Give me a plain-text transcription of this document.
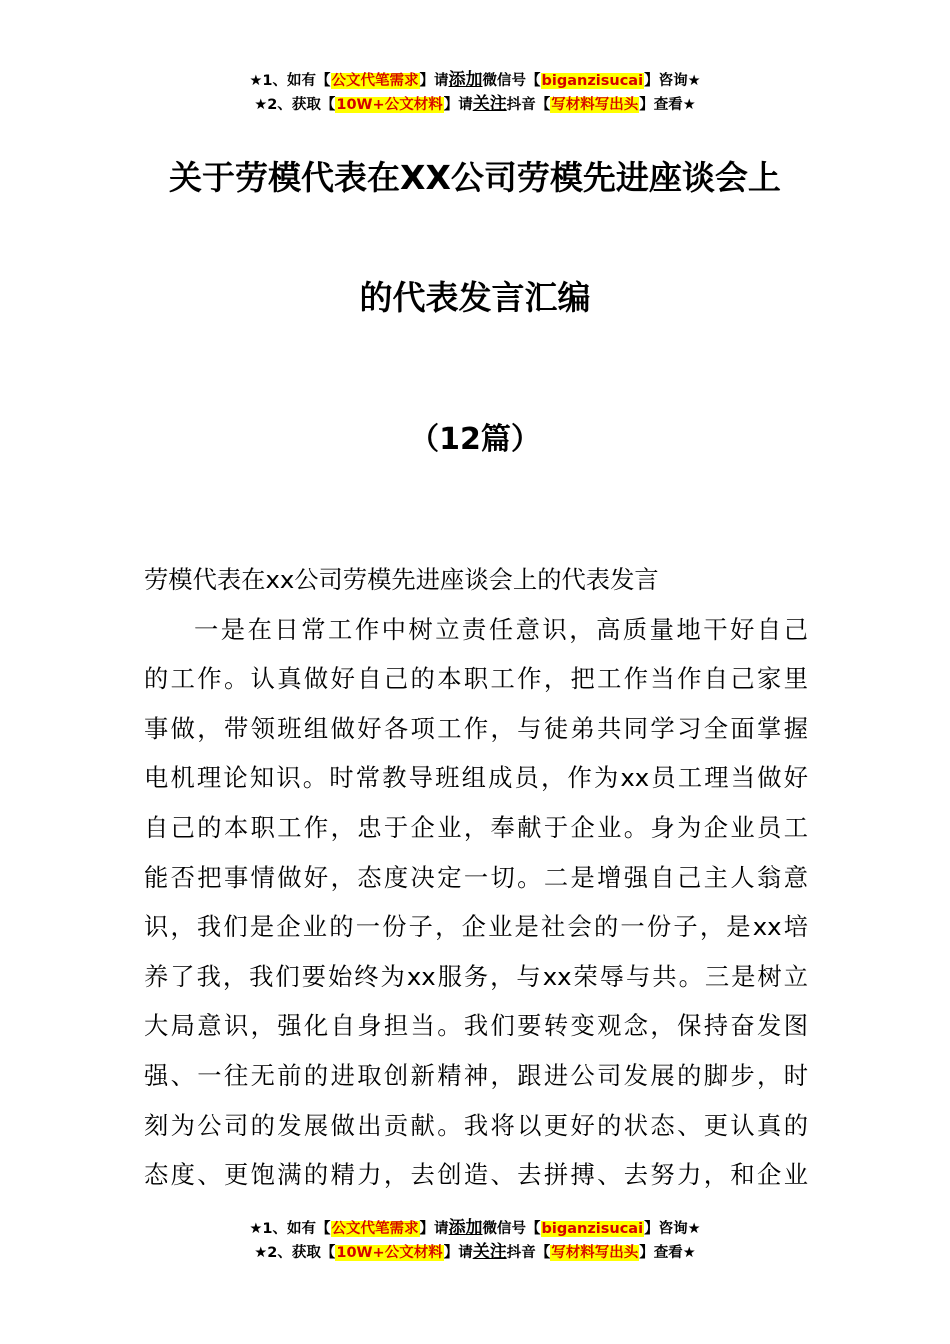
★1、如有【公文代笔需求】请添加微信号【biganzisucai】咨询★
★2、获取【10W+公文材料】请关注抖音【写材料写出头】查看★
关于劳模代表在XX公司劳模先进座谈会上
的代表发言汇编
（12篇）
劳模代表在xx公司劳模先进座谈会上的代表发言
一是在日常工作中树立责任意识，高质量地干好自己
的工作。认真做好自己的本职工作，把工作当作自己家里
事做，带领班组做好各项工作，与徒弟共同学习全面掌握
电机理论知识。时常教导班组成员，作为xx员工理当做好
自己的本职工作，忠于企业，奉献于企业。身为企业员工
能否把事情做好，态度决定一切。二是增强自己主人翁意
识，我们是企业的一份子，企业是社会的一份子，是xx培
养了我，我们要始终为xx服务，与xx荣辱与共。三是树立
大局意识，强化自身担当。我们要转变观念，保持奋发图
强、一往无前的进取创新精神，跟进公司发展的脚步，时
刻为公司的发展做出贡献。我将以更好的状态、更认真的
态度、更饱满的精力，去创造、去拼搏、去努力，和企业
★1、如有【公文代笔需求】请添加微信号【biganzisucai】咨询★
★2、获取【10W+公文材料】请关注抖音【写材料写出头】查看★
